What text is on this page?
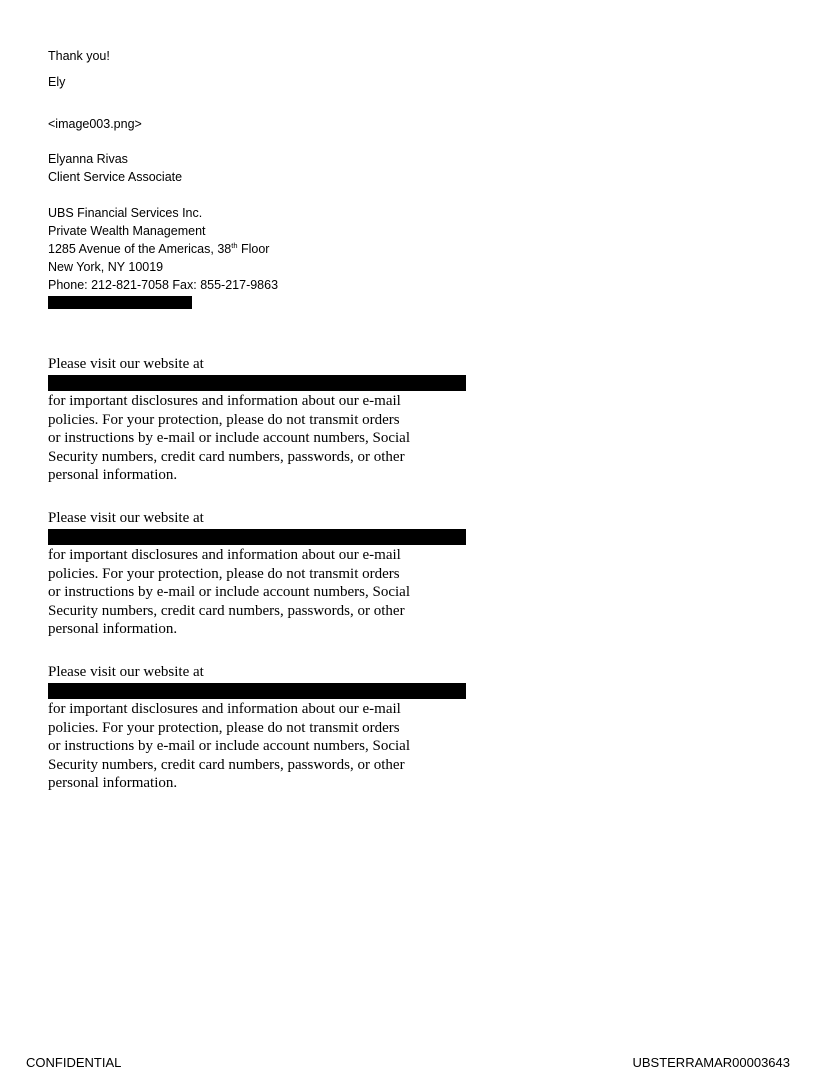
Thank you!
Ely
<image003.png>
Elyanna Rivas
Client Service Associate
UBS Financial Services Inc.
Private Wealth Management
1285 Avenue of the Americas, 38th Floor
New York, NY 10019
Phone: 212-821-7058 Fax: 855-217-9863
Please visit our website at
for important disclosures and information about our e-mail
policies. For your protection, please do not transmit orders
or instructions by e-mail or include account numbers, Social
Security numbers, credit card numbers, passwords, or other
personal information.
Please visit our website at
for important disclosures and information about our e-mail
policies. For your protection, please do not transmit orders
or instructions by e-mail or include account numbers, Social
Security numbers, credit card numbers, passwords, or other
personal information.
Please visit our website at
for important disclosures and information about our e-mail
policies. For your protection, please do not transmit orders
or instructions by e-mail or include account numbers, Social
Security numbers, credit card numbers, passwords, or other
personal information.
CONFIDENTIAL	UBSTERRAMAR00003643
